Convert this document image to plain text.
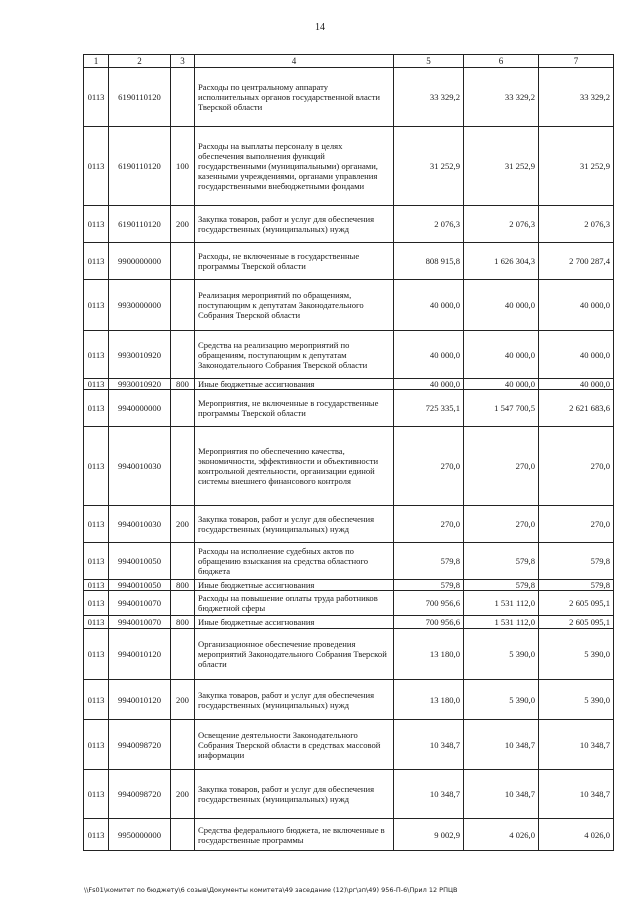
14
1	2	3	4	5	6	7
0113	6190110120		Расходы по центральному аппарату исполнительных органов государственной власти Тверской области	33 329,2	33 329,2	33 329,2
0113	6190110120	100	Расходы на выплаты персоналу в целях обеспечения выполнения функций государственными (муниципальными) органами, казенными учреждениями, органами управления государственными внебюджетными фондами	31 252,9	31 252,9	31 252,9
0113	6190110120	200	Закупка товаров, работ и услуг для обеспечения государственных (муниципальных) нужд	2 076,3	2 076,3	2 076,3
0113	9900000000		Расходы, не включенные в государственные программы Тверской области	808 915,8	1 626 304,3	2 700 287,4
0113	9930000000		Реализация мероприятий по обращениям, поступающим к депутатам Законодательного Собрания Тверской области	40 000,0	40 000,0	40 000,0
0113	9930010920		Средства на реализацию мероприятий по обращениям, поступающим к депутатам Законодательного Собрания Тверской области	40 000,0	40 000,0	40 000,0
0113	9930010920	800	Иные бюджетные ассигнования	40 000,0	40 000,0	40 000,0
0113	9940000000		Мероприятия, не включенные в государственные программы Тверской области	725 335,1	1 547 700,5	2 621 683,6
0113	9940010030		Мероприятия по обеспечению качества, экономичности, эффективности и объективности контрольной деятельности, организации единой системы внешнего финансового контроля	270,0	270,0	270,0
0113	9940010030	200	Закупка товаров, работ и услуг для обеспечения государственных (муниципальных) нужд	270,0	270,0	270,0
0113	9940010050		Расходы на исполнение судебных актов по обращению взыскания на средства областного бюджета	579,8	579,8	579,8
0113	9940010050	800	Иные бюджетные ассигнования	579,8	579,8	579,8
0113	9940010070		Расходы на повышение оплаты труда работников бюджетной сферы	700 956,6	1 531 112,0	2 605 095,1
0113	9940010070	800	Иные бюджетные ассигнования	700 956,6	1 531 112,0	2 605 095,1
0113	9940010120		Организационное обеспечение проведения мероприятий Законодательного Собрания Тверской области	13 180,0	5 390,0	5 390,0
0113	9940010120	200	Закупка товаров, работ и услуг для обеспечения государственных (муниципальных) нужд	13 180,0	5 390,0	5 390,0
0113	9940098720		Освещение деятельности Законодательного Собрания Тверской области в средствах массовой информации	10 348,7	10 348,7	10 348,7
0113	9940098720	200	Закупка товаров, работ и услуг для обеспечения государственных (муниципальных) нужд	10 348,7	10 348,7	10 348,7
0113	9950000000		Средства федерального бюджета, не включенные в государственные программы	9 002,9	4 026,0	4 026,0
\\Fs01\комитет по бюджету\6 созыв\Документы комитета\49 заседание (12)\рг\зп\49) 956-П-6\Прил 12 РПЦВ
